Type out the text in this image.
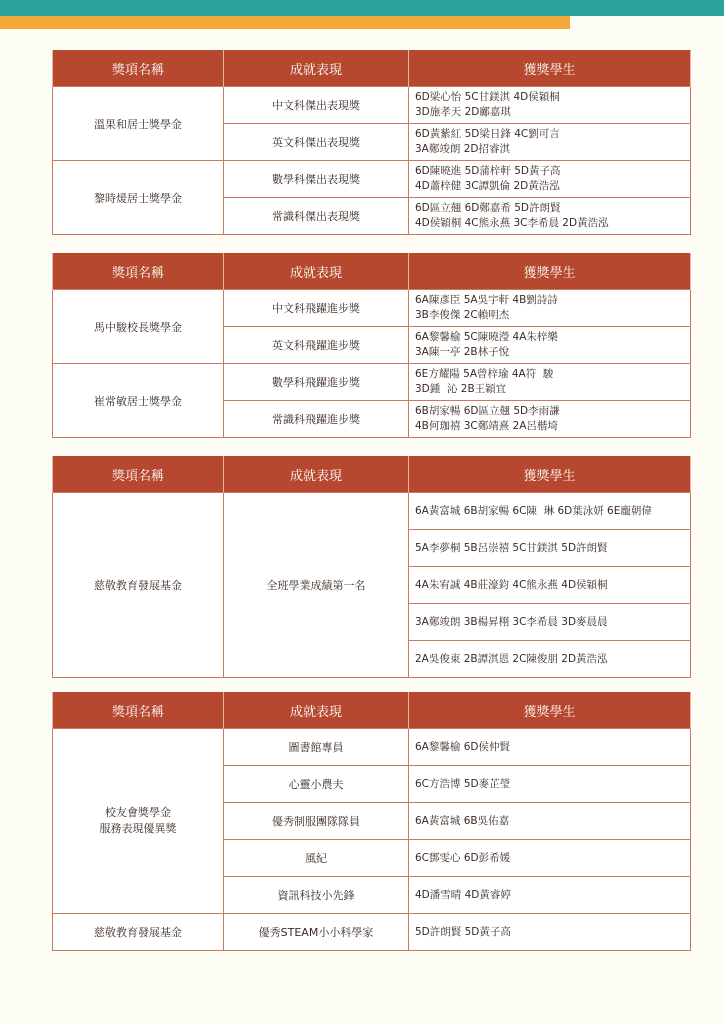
獎項名稱	成就表現	獲獎學生
溫果和居士獎學金	中文科傑出表現獎	6D梁心怡 5C甘鎂淇 4D侯穎桐
3D施孝天 2D鄺嘉琪

	英文科傑出表現獎	6D黃紫紅 5D梁日鋒 4C劉可言
3A鄭竣朗 2D招睿淇

黎時煖居士獎學金	數學科傑出表現獎	6D陳曉進 5D蒲梓軒 5D黃子高
4D蕭梓健 3C譚凱倫 2D黃浩泓

	常識科傑出表現獎	6D區立翹 6D鄭嘉希 5D許朗賢
4D侯穎桐 4C熊永燕 3C李希晨 2D黃浩泓
獎項名稱	成就表現	獲獎學生
馬中駿校長獎學金	中文科飛躍進步獎	6A陳彥臣 5A吳宇軒 4B劉詩詩
3B李俊傑 2C賴明杰

	英文科飛躍進步獎	6A黎馨榆 5C陳曉瀅 4A朱梓樂
3A陳一亭 2B林子悅

崔常敏居士獎學金	數學科飛躍進步獎	6E方耀陽 5A曾梓瑜 4A符  駿
3D鍾  沁 2B王穎宜

	常識科飛躍進步獎	6B胡家暢 6D區立翹 5D李雨謙
4B何珈禧 3C鄭靖熹 2A呂楷埼
獎項名稱	成就表現	獲獎學生
慈敬教育發展基金	全班學業成績第一名	6A黃富城 6B胡家暢 6C陳  琳 6D葉泳妍 6E龐朝偉

		5A李夢桐 5B呂崇禧 5C甘鎂淇 5D許朗賢

		4A朱宥誠 4B莊濠鈞 4C熊永燕 4D侯穎桐

		3A鄭竣朗 3B楊昇栩 3C李希晨 3D麥晨晨

		2A吳俊東 2B譚淇恩 2C陳俊朋 2D黃浩泓
獎項名稱	成就表現	獲獎學生

校友會獎學金
服務表現優異獎	圖書館專員	6A黎馨榆 6D侯仲賢

	心靈小農夫	6C方浩博 5D麥芷瑩

	優秀制服團隊隊員	6A黃富城 6B吳佑嘉

	風紀	6C鄧雯心 6D彭希媛

	資訊科技小先鋒	4D潘雪晴 4D黃睿婷

慈敬教育發展基金	優秀STEAM小小科學家	5D許朗賢 5D黃子高
